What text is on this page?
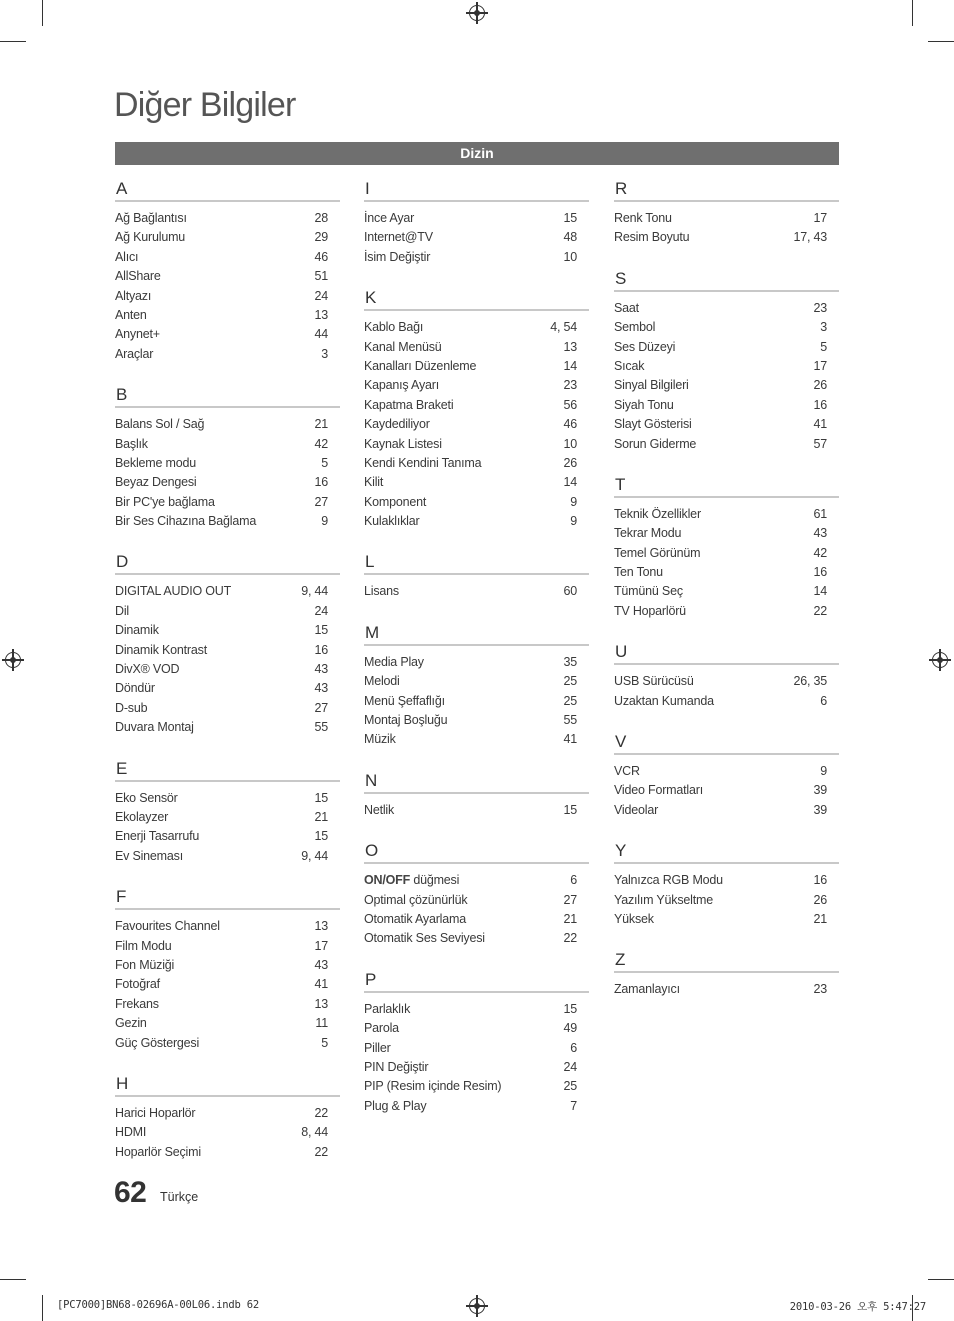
Diğer Bilgiler
Dizin
A
Ağ Bağlantısı	28
Ağ Kurulumu	29
Alıcı	46
AllShare	51
Altyazı	24
Anten	13
Anynet+	44
Araçlar	3
B
Balans Sol / Sağ	21
Başlık	42
Bekleme modu	5
Beyaz Dengesi	16
Bir PC'ye bağlama	27
Bir Ses Cihazına Bağlama	9
D
DIGITAL AUDIO OUT	9, 44
Dil	24
Dinamik	15
Dinamik Kontrast	16
DivX® VOD	43
Döndür	43
D-sub	27
Duvara Montaj	55
E
Eko Sensör	15
Ekolayzer	21
Enerji Tasarrufu	15
Ev Sineması	9, 44
F
Favourites Channel	13
Film Modu	17
Fon Müziği	43
Fotoğraf	41
Frekans	13
Gezin	11
Güç Göstergesi	5
H
Harici Hoparlör	22
HDMI	8, 44
Hoparlör Seçimi	22
I
İnce Ayar	15
Internet@TV	48
İsim Değiştir	10
K
Kablo Bağı	4, 54
Kanal Menüsü	13
Kanalları Düzenleme	14
Kapanış Ayarı	23
Kapatma Braketi	56
Kaydediliyor	46
Kaynak Listesi	10
Kendi Kendini Tanıma	26
Kilit	14
Komponent	9
Kulaklıklar	9
L
Lisans	60
M
Media Play	35
Melodi	25
Menü Şeffaflığı	25
Montaj Boşluğu	55
Müzik	41
N
Netlik	15
O
ON/OFF düğmesi	6
Optimal çözünürlük	27
Otomatik Ayarlama	21
Otomatik Ses Seviyesi	22
P
Parlaklık	15
Parola	49
Piller	6
PIN Değiştir	24
PIP (Resim içinde Resim)	25
Plug & Play	7
R
Renk Tonu	17
Resim Boyutu	17, 43
S
Saat	23
Sembol	3
Ses Düzeyi	5
Sıcak	17
Sinyal Bilgileri	26
Siyah Tonu	16
Slayt Gösterisi	41
Sorun Giderme	57
T
Teknik Özellikler	61
Tekrar Modu	43
Temel Görünüm	42
Ten Tonu	16
Tümünü Seç	14
TV Hoparlörü	22
U
USB Sürücüsü	26, 35
Uzaktan Kumanda	6
V
VCR	9
Video Formatları	39
Videolar	39
Y
Yalnızca RGB Modu	16
Yazılım Yükseltme	26
Yüksek	21
Z
Zamanlayıcı	23
62 Türkçe
[PC7000]BN68-02696A-00L06.indb 62	2010-03-26 오후 5:47:27
